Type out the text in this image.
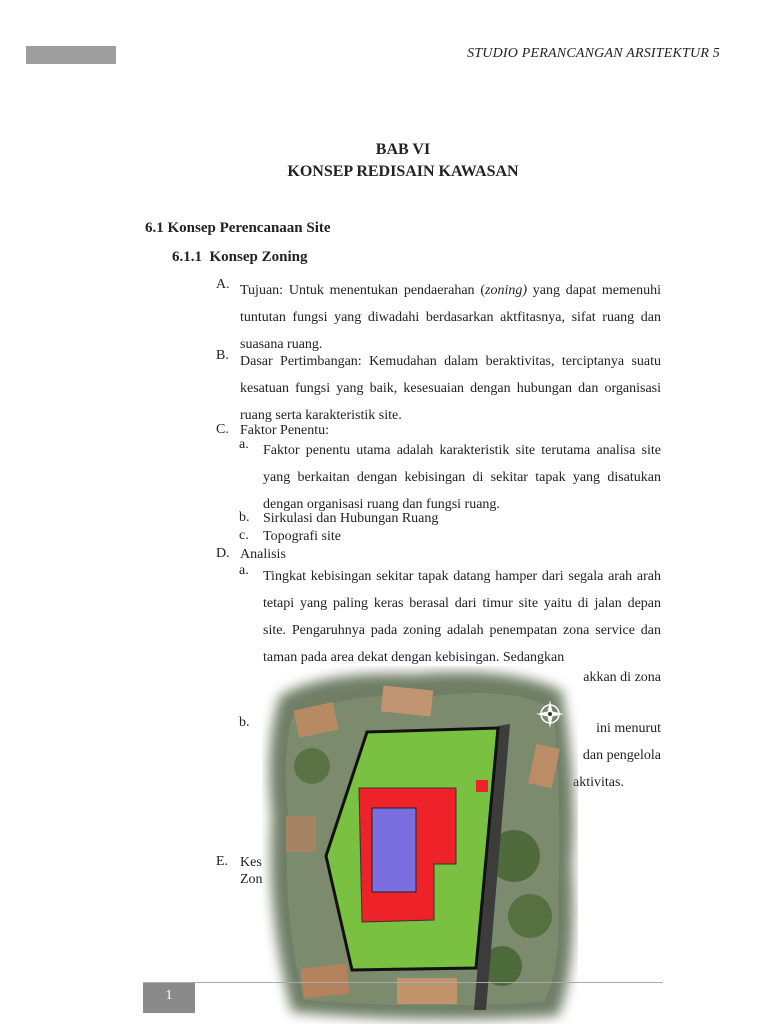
STUDIO PERANCANGAN ARSITEKTUR 5
BAB VI
KONSEP REDISAIN KAWASAN
6.1 Konsep Perencanaan Site
6.1.1 Konsep Zoning
A. Tujuan: Untuk menentukan pendaerahan (zoning) yang dapat memenuhi tuntutan fungsi yang diwadahi berdasarkan aktfitasnya, sifat ruang dan suasana ruang.
B. Dasar Pertimbangan: Kemudahan dalam beraktivitas, terciptanya suatu kesatuan fungsi yang baik, kesesuaian dengan hubungan dan organisasi ruang serta karakteristik site.
C. Faktor Penentu:
a.	Faktor penentu utama adalah karakteristik site terutama analisa site yang berkaitan dengan kebisingan di sekitar tapak yang disatukan dengan organisasi ruang dan fungsi ruang.
b. Sirkulasi dan Hubungan Ruang
c.	Topografi site
D. Analisis
a.	Tingkat kebisingan sekitar tapak datang hamper dari segala arah arah tetapi yang paling keras berasal dari timur site yaitu di jalan depan site. Pengaruhnya pada zoning adalah penempatan zona service dan taman pada area dekat dengan kebisingan. Sedangkan
akkan di zona
b.	ini menurut
dan pengelola
aktivitas.
E. Kes
Zon
1
